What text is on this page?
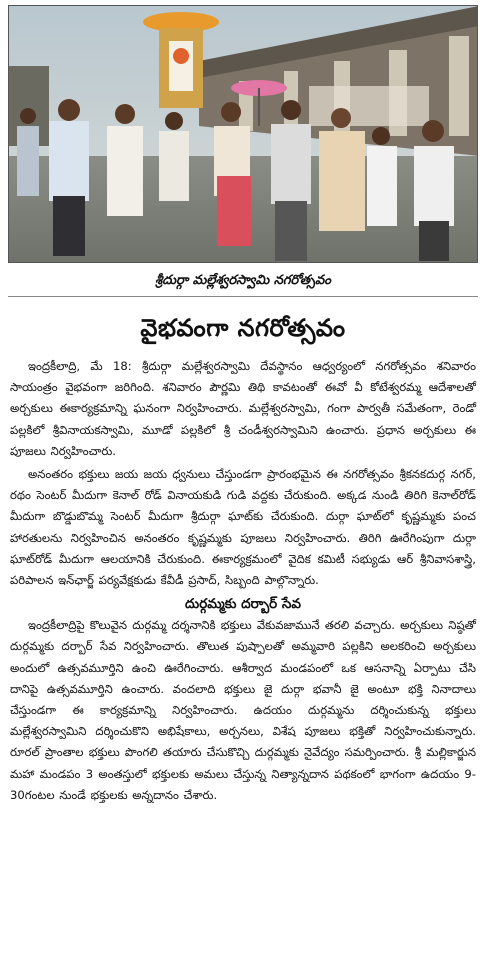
శ్రీదుర్గా మల్లేశ్వరస్వామి నగరోత్సవం
వైభవంగా నగరోత్సవం

ఇంద్రకీలాద్రి, మే 18: శ్రీదుర్గా మల్లేశ్వరస్వామి దేవస్థానం ఆధ్వర్యంలో నగరోత్సవం శనివారం సాయంత్రం వైభవంగా జరిగింది. శనివారం పౌర్ణమి తిథి కావటంతో ఈవో వీ కోటేశ్వరమ్మ ఆదేశాలతో అర్చకులు ఈకార్యక్రమాన్ని ఘనంగా నిర్వహించారు. మల్లేశ్వరస్వామి, గంగా పార్వతీ సమేతంగా, రెండో పల్లకిలో శ్రీవినాయకస్వామి, మూడో పల్లకిలో శ్రీ చండీశ్వరస్వామిని ఉంచారు. ప్రధాన అర్చకులు ఈ పూజలు నిర్వహించారు.

అనంతరం భక్తులు జయ జయ ధ్వనులు చేస్తుండగా ప్రారంభమైన ఈ నగరోత్సవం శ్రీకనకదుర్గ నగర్, రథం సెంటర్ మీదుగా కెనాల్ రోడ్ వినాయకుడి గుడి వద్దకు చేరుకుంది. అక్కడ నుండి తిరిగి కెనాల్‌రోడ్ మీదుగా బొడ్డుబొమ్మ సెంటర్ మీదుగా శ్రీదుర్గా ఘాట్‌కు చేరుకుంది. దుర్గా ఘాట్‌లో కృష్ణమ్మకు పంచ హారతులను నిర్వహించిన అనంతరం కృష్ణమ్మకు పూజలు నిర్వహించారు. తిరిగి ఊరేగింపుగా దుర్గా ఘాట్‌రోడ్ మీదుగా ఆలయానికి చేరుకుంది. ఈకార్యక్రమంలో వైదిక కమిటీ సభ్యుడు ఆర్ శ్రీనివాసశాస్త్రి, పరిపాలన ఇన్‌ఛార్జ్ పర్యవేక్షకుడు కేవీడీ ప్రసాద్, సిబ్బంది పాల్గొన్నారు.

దుర్గమ్మకు దర్బార్ సేవ

ఇంద్రకీలాద్రిపై కొలువైన దుర్గమ్మ దర్శనానికి భక్తులు వేకువజామునే తరలి వచ్చారు. అర్చకులు నిష్ఠతో దుర్గమ్మకు దర్బార్ సేవ నిర్వహించారు. తొలుత పుష్పాలతో అమ్మవారి పల్లకిని అలకరించి అర్చకులు అందులో ఉత్సవమూర్తిని ఉంచి ఊరేగించారు. ఆశీర్వాద మండపంలో ఒక ఆసనాన్ని ఏర్పాటు చేసి దానిపై ఉత్సవమూర్తిని ఉంచారు. వందలాది భక్తులు జై దుర్గా భవానీ జై అంటూ భక్తి నినాదాలు చేస్తుండగా ఈ కార్యక్రమాన్ని నిర్వహించారు. ఉదయం దుర్గమ్మను దర్శించుకున్న భక్తులు మల్లేశ్వరస్వామిని దర్శించుకొని అభిషేకాలు, అర్చనలు, విశేష పూజలు భక్తితో నిర్వహించుకున్నారు. రూరల్ ప్రాంతాల భక్తులు పొంగలి తయారు చేసుకొచ్చి దుర్గమ్మకు నైవేద్యం సమర్పించారు. శ్రీ మల్లికార్జున మహా మండపం 3 అంతస్తులో భక్తులకు అమలు చేస్తున్న నిత్యాన్నదాన పథకంలో భాగంగా ఉదయం 9-30గంటల నుండే భక్తులకు అన్నదానం చేశారు.
